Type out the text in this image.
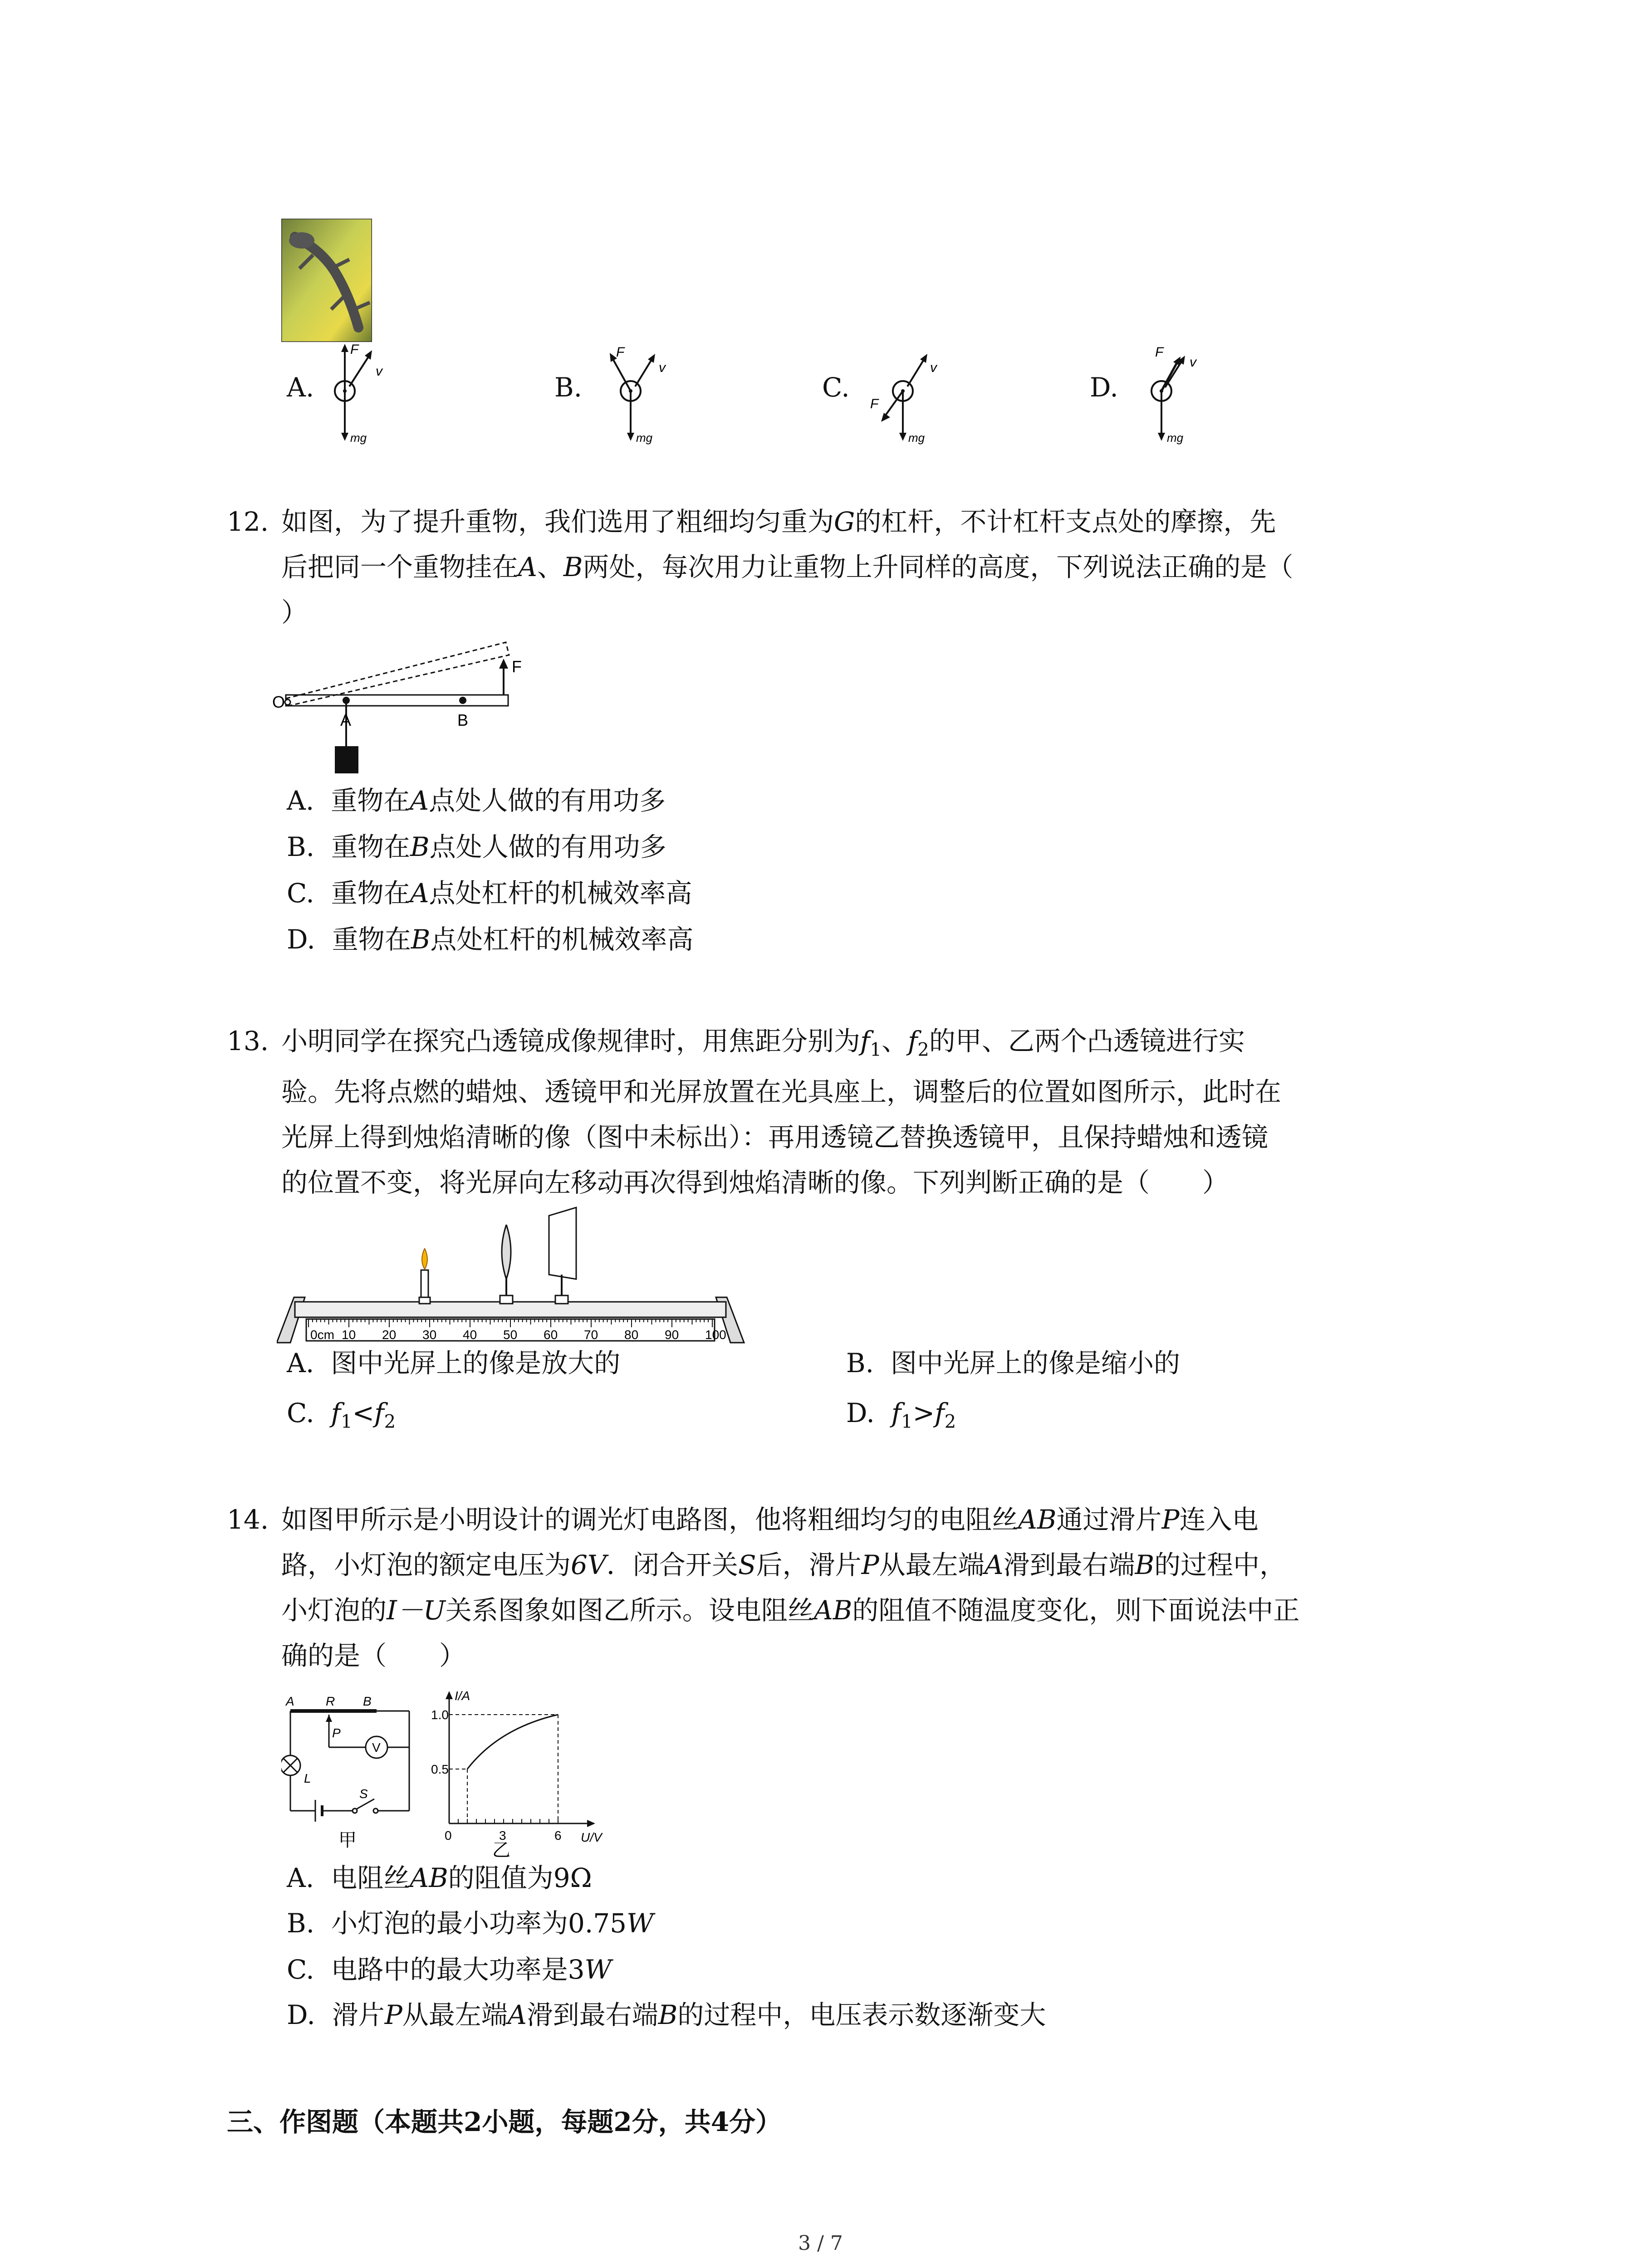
A.
F
v
mg
B.
F
v
mg
C.
F
v
mg
D.
F
v
mg
12. 如图，为了提升重物，我们选用了粗细均匀重为G的杠杆，不计杠杆支点处的摩擦，先
后把同一个重物挂在A、B两处，每次用力让重物上升同样的高度，下列说法正确的是（
）
O
A	B
F
A. 重物在A点处人做的有用功多
B. 重物在B点处人做的有用功多
C. 重物在A点处杠杆的机械效率高
D. 重物在B点处杠杆的机械效率高
13. 小明同学在探究凸透镜成像规律时，用焦距分别为$f_1$、$f_2$的甲、乙两个凸透镜进行实
验。先将点燃的蜡烛、透镜甲和光屏放置在光具座上，调整后的位置如图所示，此时在
光屏上得到烛焰清晰的像（图中未标出）：再用透镜乙替换透镜甲，且保持蜡烛和透镜
的位置不变，将光屏向左移动再次得到烛焰清晰的像。下列判断正确的是（　　）
0cm 10 20 30 40 50 60 70 80 90 100
A. 图中光屏上的像是放大的	B. 图中光屏上的像是缩小的
C. $f_1<f_2$	D. $f_1>f_2$
14. 如图甲所示是小明设计的调光灯电路图，他将粗细均匀的电阻丝AB通过滑片P连入电
路，小灯泡的额定电压为6V．闭合开关S后，滑片P从最左端A滑到最右端B的过程中，
小灯泡的I－U关系图象如图乙所示。设电阻丝AB的阻值不随温度变化，则下面说法中正
确的是（　　）
A R B
P
V
L
S
甲
I/A
U/V
1.0
0.5
0	3	6
乙
A. 电阻丝AB的阻值为9Ω
B. 小灯泡的最小功率为0.75W
C. 电路中的最大功率是3W
D. 滑片P从最左端A滑到最右端B的过程中，电压表示数逐渐变大
三、作图题（本题共2小题，每题2分，共4分）
3 / 7
